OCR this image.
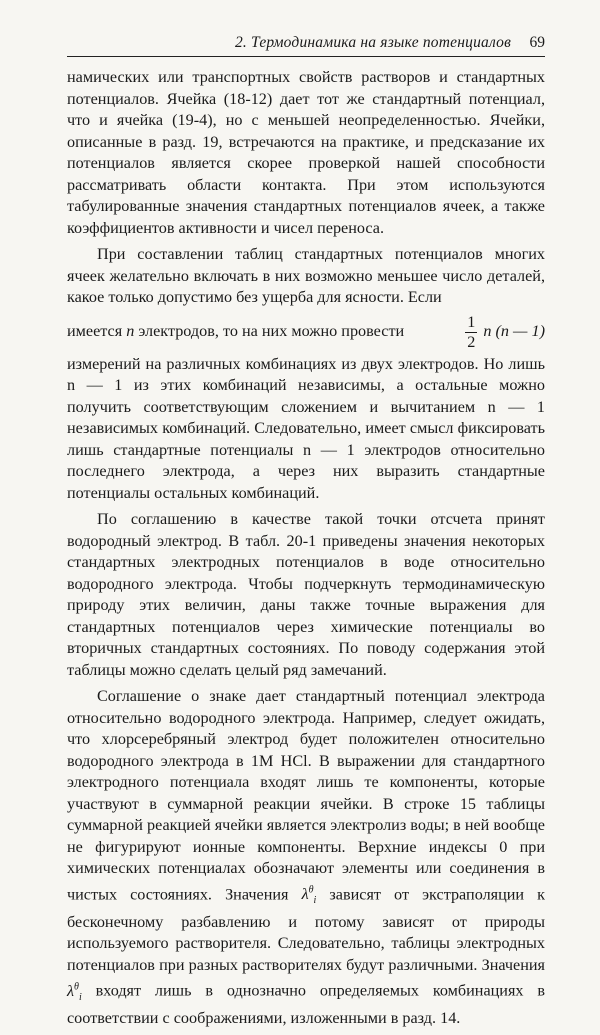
2. Термодинамика на языке потенциалов 69

намических или транспортных свойств растворов и стандартных потенциалов. Ячейка (18-12) дает тот же стандартный потенциал, что и ячейка (19-4), но с меньшей неопределенностью. Ячейки, описанные в разд. 19, встречаются на практике, и предсказание их потенциалов является скорее проверкой нашей способности рассматривать области контакта. При этом используются табулированные значения стандартных потенциалов ячеек, а также коэффициентов активности и чисел переноса.

При составлении таблиц стандартных потенциалов многих ячеек желательно включать в них возможно меньшее число деталей, какое только допустимо без ущерба для ясности. Если

имеется n электродов, то на них можно провести	$\frac{1}{2}$ n (n — 1)

измерений на различных комбинациях из двух электродов. Но лишь n — 1 из этих комбинаций независимы, а остальные можно получить соответствующим сложением и вычитанием n — 1 независимых комбинаций. Следовательно, имеет смысл фиксировать лишь стандартные потенциалы n — 1 электродов относительно последнего электрода, а через них выразить стандартные потенциалы остальных комбинаций.

По соглашению в качестве такой точки отсчета принят водородный электрод. В табл. 20-1 приведены значения некоторых стандартных электродных потенциалов в воде относительно водородного электрода. Чтобы подчеркнуть термодинамическую природу этих величин, даны также точные выражения для стандартных потенциалов через химические потенциалы во вторичных стандартных состояниях. По поводу содержания этой таблицы можно сделать целый ряд замечаний.

Соглашение о знаке дает стандартный потенциал электрода относительно водородного электрода. Например, следует ожидать, что хлорсеребряный электрод будет положителен относительно водородного электрода в 1М HCl. В выражении для стандартного электродного потенциала входят лишь те компоненты, которые участвуют в суммарной реакции ячейки. В строке 15 таблицы суммарной реакцией ячейки является электролиз воды; в ней вообще не фигурируют ионные компоненты. Верхние индексы 0 при химических потенциалах обозначают элементы или соединения в чистых состояниях. Значения $\lambda^\theta_i$ зависят от экстраполяции к бесконечному разбавлению и потому зависят от природы используемого растворителя. Следовательно, таблицы электродных потенциалов при разных растворителях будут различными. Значения $\lambda^\theta_i$ входят лишь в однозначно определяемых комбинациях в соответствии с соображениями, изложенными в разд. 14.
